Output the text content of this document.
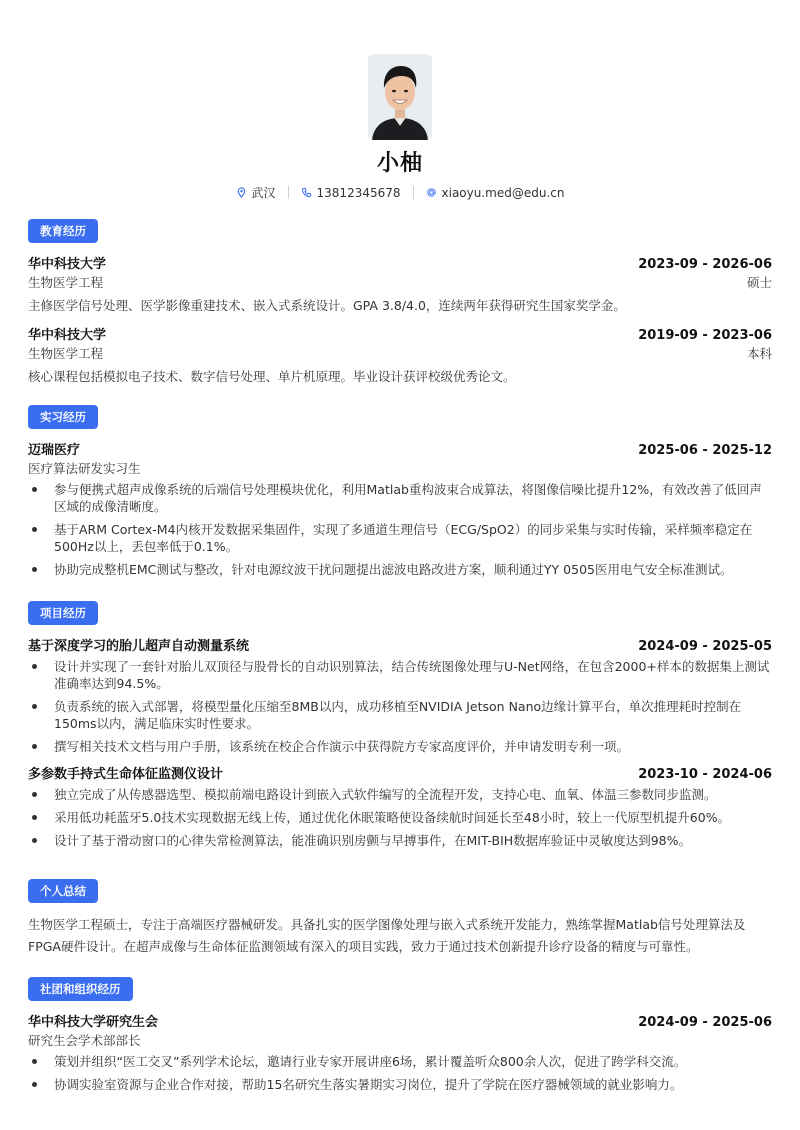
小柚
武汉	13812345678	xiaoyu.med@edu.cn
教育经历
华中科技大学	2023-09 - 2026-06
生物医学工程	硕士
主修医学信号处理、医学影像重建技术、嵌入式系统设计。GPA 3.8/4.0，连续两年获得研究生国家奖学金。
华中科技大学	2019-09 - 2023-06
生物医学工程	本科
核心课程包括模拟电子技术、数字信号处理、单片机原理。毕业设计获评校级优秀论文。
实习经历
迈瑞医疗	2025-06 - 2025-12
医疗算法研发实习生
参与便携式超声成像系统的后端信号处理模块优化，利用Matlab重构波束合成算法，将图像信噪比提升12%，有效改善了低回声区域的成像清晰度。
基于ARM Cortex-M4内核开发数据采集固件，实现了多通道生理信号（ECG/SpO2）的同步采集与实时传输，采样频率稳定在500Hz以上，丢包率低于0.1%。
协助完成整机EMC测试与整改，针对电源纹波干扰问题提出滤波电路改进方案，顺利通过YY 0505医用电气安全标准测试。
项目经历
基于深度学习的胎儿超声自动测量系统	2024-09 - 2025-05
设计并实现了一套针对胎儿双顶径与股骨长的自动识别算法，结合传统图像处理与U-Net网络，在包含2000+样本的数据集上测试准确率达到94.5%。
负责系统的嵌入式部署，将模型量化压缩至8MB以内，成功移植至NVIDIA Jetson Nano边缘计算平台，单次推理耗时控制在150ms以内，满足临床实时性要求。
撰写相关技术文档与用户手册，该系统在校企合作演示中获得院方专家高度评价，并申请发明专利一项。
多参数手持式生命体征监测仪设计	2023-10 - 2024-06
独立完成了从传感器选型、模拟前端电路设计到嵌入式软件编写的全流程开发，支持心电、血氧、体温三参数同步监测。
采用低功耗蓝牙5.0技术实现数据无线上传，通过优化休眠策略使设备续航时间延长至48小时，较上一代原型机提升60%。
设计了基于滑动窗口的心律失常检测算法，能准确识别房颤与早搏事件，在MIT-BIH数据库验证中灵敏度达到98%。
个人总结
生物医学工程硕士，专注于高端医疗器械研发。具备扎实的医学图像处理与嵌入式系统开发能力，熟练掌握Matlab信号处理算法及FPGA硬件设计。在超声成像与生命体征监测领域有深入的项目实践，致力于通过技术创新提升诊疗设备的精度与可靠性。
社团和组织经历
华中科技大学研究生会	2024-09 - 2025-06
研究生会学术部部长
策划并组织“医工交叉”系列学术论坛，邀请行业专家开展讲座6场，累计覆盖听众800余人次，促进了跨学科交流。
协调实验室资源与企业合作对接，帮助15名研究生落实暑期实习岗位，提升了学院在医疗器械领域的就业影响力。
